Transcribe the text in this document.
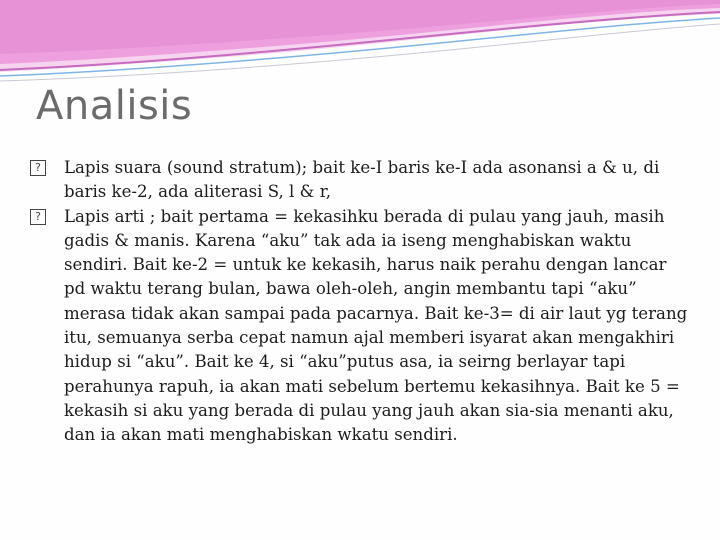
Analisis

?	Lapis suara (sound stratum); bait ke-I baris ke-I ada asonansi a & u, di baris ke-2, ada aliterasi S, l & r,

?	Lapis arti ; bait pertama = kekasihku berada di pulau yang jauh, masih gadis & manis. Karena “aku” tak ada ia iseng menghabiskan waktu sendiri. Bait ke-2 = untuk ke kekasih, harus naik perahu dengan lancar pd waktu terang bulan, bawa oleh-oleh, angin membantu tapi “aku” merasa tidak akan sampai pada pacarnya. Bait ke-3= di air laut yg terang itu, semuanya serba cepat namun ajal memberi isyarat akan mengakhiri hidup si “aku”. Bait ke 4, si “aku”putus asa, ia seirng berlayar tapi perahunya rapuh, ia akan mati sebelum bertemu kekasihnya. Bait ke 5 = kekasih si aku yang berada di pulau yang jauh akan sia-sia menanti aku, dan ia akan mati menghabiskan wkatu sendiri.
